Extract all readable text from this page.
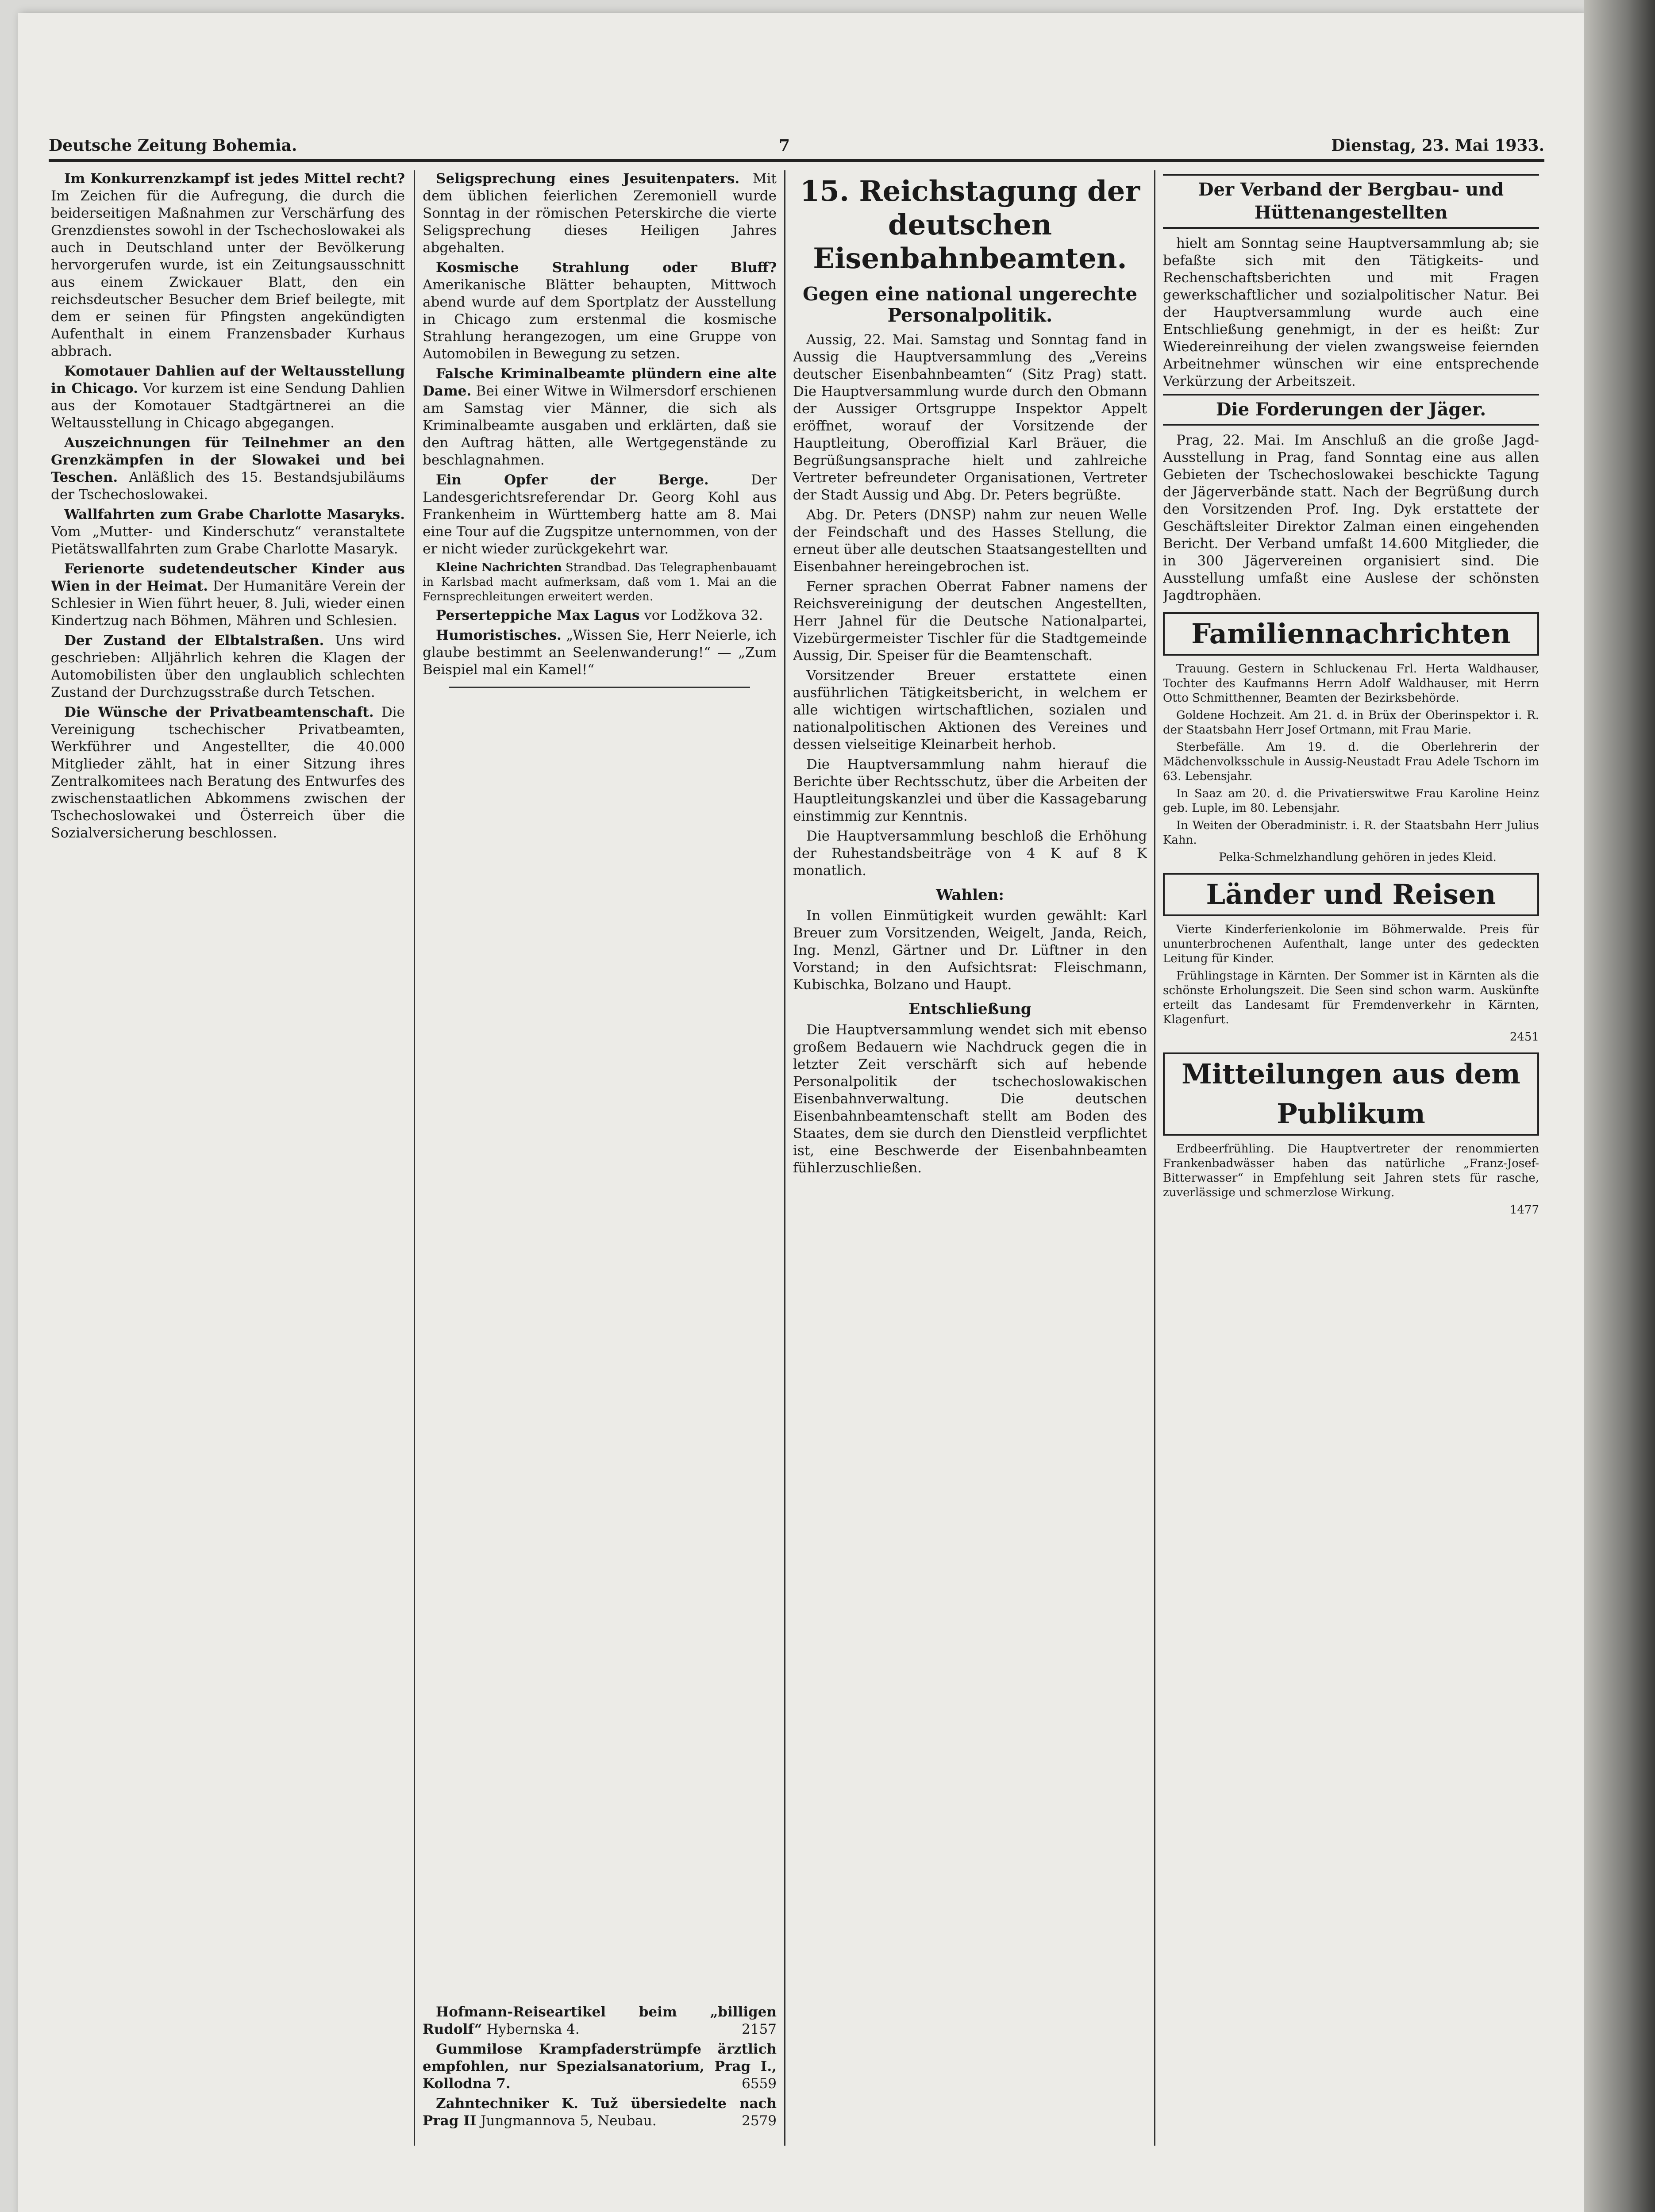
Deutsche Zeitung Bohemia.	7	Dienstag, 23. Mai 1933.

Im Konkurrenzkampf ist jedes Mittel recht? Im Zeichen für die Aufregung, die durch die beiderseitigen Maßnahmen zur Verschärfung des Grenzdienstes sowohl in der Tschechoslowakei als auch in Deutschland unter der Bevölkerung hervorgerufen wurde, ist ein Zeitungsausschnitt aus einem Zwickauer Blatt, den ein reichsdeutscher Besucher dem Brief beilegte, mit dem er seinen für Pfingsten angekündigten Aufenthalt in einem Franzensbader Kurhaus abbrach.

Komotauer Dahlien auf der Weltausstellung in Chicago. Vor kurzem ist eine Sendung Dahlien aus der Komotauer Stadtgärtnerei an die Weltausstellung in Chicago abgegangen.

Auszeichnungen für Teilnehmer an den Grenzkämpfen in der Slowakei und bei Teschen. Anläßlich des 15. Bestandsjubiläums der Tschechoslowakei.

Wallfahrten zum Grabe Charlotte Masaryks. Vom „Mutter- und Kinderschutz“ veranstaltete Pietätswallfahrten zum Grabe Charlotte Masaryk.

Ferienorte sudetendeutscher Kinder aus Wien in der Heimat. Der Humanitäre Verein der Schlesier in Wien führt heuer, 8. Juli, wieder einen Kindertzug nach Böhmen, Mähren und Schlesien.

Der Zustand der Elbtalstraßen. Uns wird geschrieben: Alljährlich kehren die Klagen der Automobilisten über den unglaublich schlechten Zustand der Durchzugsstraße durch Tetschen.

Die Wünsche der Privatbeamtenschaft. Die Vereinigung tschechischer Privatbeamten, Werkführer und Angestellter, die 40.000 Mitglieder zählt, hat in einer Sitzung ihres Zentralkomitees nach Beratung des Entwurfes des zwischenstaatlichen Abkommens zwischen der Tschechoslowakei und Österreich über die Sozialversicherung beschlossen.

Seligsprechung eines Jesuitenpaters. Mit dem üblichen feierlichen Zeremoniell wurde Sonntag in der römischen Peterskirche die vierte Seligsprechung dieses Heiligen Jahres abgehalten.

Kosmische Strahlung oder Bluff? Amerikanische Blätter behaupten, Mittwoch abend wurde auf dem Sportplatz der Ausstellung in Chicago zum erstenmal die kosmische Strahlung herangezogen, um eine Gruppe von Automobilen in Bewegung zu setzen.

Falsche Kriminalbeamte plündern eine alte Dame. Bei einer Witwe in Wilmersdorf erschienen am Samstag vier Männer, die sich als Kriminalbeamte ausgaben und erklärten, daß sie den Auftrag hätten, alle Wertgegenstände zu beschlagnahmen.

Ein Opfer der Berge.	Der Landesgerichtsreferendar Dr. Georg Kohl aus Frankenheim in Württemberg hatte am 8. Mai eine Tour auf die Zugspitze unternommen, von der er nicht wieder zurückgekehrt war.

Kleine Nachrichten Strandbad. Das Telegraphenbauamt in Karlsbad macht aufmerksam, daß vom 1. Mai an die Fernsprechleitungen erweitert werden.

Perserteppiche Max Lagus vor Lodžkova 32.

Humoristisches. „Wissen Sie, Herr Neierle, ich glaube bestimmt an Seelenwanderung!“ — „Zum Beispiel mal ein Kamel!“

Hofmann-Reiseartikel beim „billigen Rudolf“ Hybernska 4.	2157

Gummilose Krampfaderstrümpfe ärztlich empfohlen, nur Spezialsanatorium, Prag I., Kollodna 7.	6559

Zahntechniker K. Tuž übersiedelte nach Prag II Jungmannova 5, Neubau.	2579

15. Reichstagung der deutschen Eisenbahnbeamten.
Gegen eine national ungerechte Personalpolitik.

Aussig, 22. Mai. Samstag und Sonntag fand in Aussig die Hauptversammlung des „Vereins deutscher Eisenbahnbeamten“ (Sitz Prag) statt. Die Hauptversammlung wurde durch den Obmann der Aussiger Ortsgruppe Inspektor Appelt eröffnet, worauf der Vorsitzende der Hauptleitung, Oberoffizial Karl Bräuer, die Begrüßungsansprache hielt und zahlreiche Vertreter befreundeter Organisationen, Vertreter der Stadt Aussig und Abg. Dr. Peters begrüßte.

Abg. Dr. Peters (DNSP) nahm zur neuen Welle der Feindschaft und des Hasses Stellung, die erneut über alle deutschen Staatsangestellten und Eisenbahner hereingebrochen ist.

Ferner sprachen Oberrat Fabner namens der Reichsvereinigung der deutschen Angestellten, Herr Jahnel für die Deutsche Nationalpartei, Vizebürgermeister Tischler für die Stadtgemeinde Aussig, Dir. Speiser für die Beamtenschaft.

Vorsitzender Breuer erstattete einen ausführlichen Tätigkeitsbericht, in welchem er alle wichtigen wirtschaftlichen, sozialen und nationalpolitischen Aktionen des Vereines und dessen vielseitige Kleinarbeit herhob.

Die Hauptversammlung nahm hierauf die Berichte über Rechtsschutz, über die Arbeiten der Hauptleitungskanzlei und über die Kassagebarung einstimmig zur Kenntnis.

Die Hauptversammlung beschloß die Erhöhung der Ruhestandsbeiträge von 4 K auf 8 K monatlich.

Wahlen:

In vollen Einmütigkeit wurden gewählt: Karl Breuer zum Vorsitzenden, Weigelt, Janda, Reich, Ing. Menzl, Gärtner und Dr. Lüftner in den Vorstand; in den Aufsichtsrat: Fleischmann, Kubischka, Bolzano und Haupt.

Entschließung

Die Hauptversammlung wendet sich mit ebenso großem Bedauern wie Nachdruck gegen die in letzter Zeit verschärft sich auf hebende Personalpolitik der tschechoslowakischen Eisenbahnverwaltung. Die deutschen Eisenbahnbeamtenschaft stellt am Boden des Staates, dem sie durch den Dienstleid verpflichtet ist, eine Beschwerde der Eisenbahnbeamten fühlerzuschließen.

Der Verband der Bergbau- und Hüttenangestellten

hielt am Sonntag seine Hauptversammlung ab; sie befaßte sich mit den Tätigkeits- und Rechenschaftsberichten und mit Fragen gewerkschaftlicher und sozialpolitischer Natur. Bei der Hauptversammlung wurde auch eine Entschließung genehmigt, in der es heißt: Zur Wiedereinreihung der vielen zwangsweise feiernden Arbeitnehmer wünschen wir eine entsprechende Verkürzung der Arbeitszeit.

Die Forderungen der Jäger.

Prag, 22. Mai. Im Anschluß an die große Jagd-Ausstellung in Prag, fand Sonntag eine aus allen Gebieten der Tschechoslowakei beschickte Tagung der Jägerverbände statt. Nach der Begrüßung durch den Vorsitzenden Prof. Ing. Dyk erstattete der Geschäftsleiter Direktor Zalman einen eingehenden Bericht. Der Verband umfaßt 14.600 Mitglieder, die in 300 Jägervereinen organisiert sind. Die Ausstellung umfaßt eine Auslese der schönsten Jagdtrophäen.

Familiennachrichten

Trauung. Gestern in Schluckenau Frl. Herta Waldhauser, Tochter des Kaufmanns Herrn Adolf Waldhauser, mit Herrn Otto Schmitthenner, Beamten der Bezirksbehörde.

Goldene Hochzeit. Am 21. d. in Brüx der Oberinspektor i. R. der Staatsbahn Herr Josef Ortmann, mit Frau Marie.

Sterbefälle. Am 19. d. die Oberlehrerin der Mädchenvolksschule in Aussig-Neustadt Frau Adele Tschorn im 63. Lebensjahr.

In Saaz am 20. d. die Privatierswitwe Frau Karoline Heinz geb. Luple, im 80. Lebensjahr.

In Weiten der Oberadministr. i. R. der Staatsbahn Herr Julius Kahn.

Pelka-Schmelzhandlung gehören in jedes Kleid.

Länder und Reisen

Vierte Kinderferienkolonie im Böhmerwalde. Preis für ununterbrochenen Aufenthalt, lange unter des gedeckten Leitung für Kinder.

Frühlingstage in Kärnten. Der Sommer ist in Kärnten als die schönste Erholungszeit. Die Seen sind schon warm. Auskünfte erteilt das Landesamt für Fremdenverkehr in Kärnten, Klagenfurt.

2451

Mitteilungen aus dem Publikum

Erdbeerfrühling. Die Hauptvertreter der renommierten Frankenbadwässer haben das natürliche „Franz-Josef-Bitterwasser“ in Empfehlung seit Jahren stets für rasche, zuverlässige und schmerzlose Wirkung.

1477
